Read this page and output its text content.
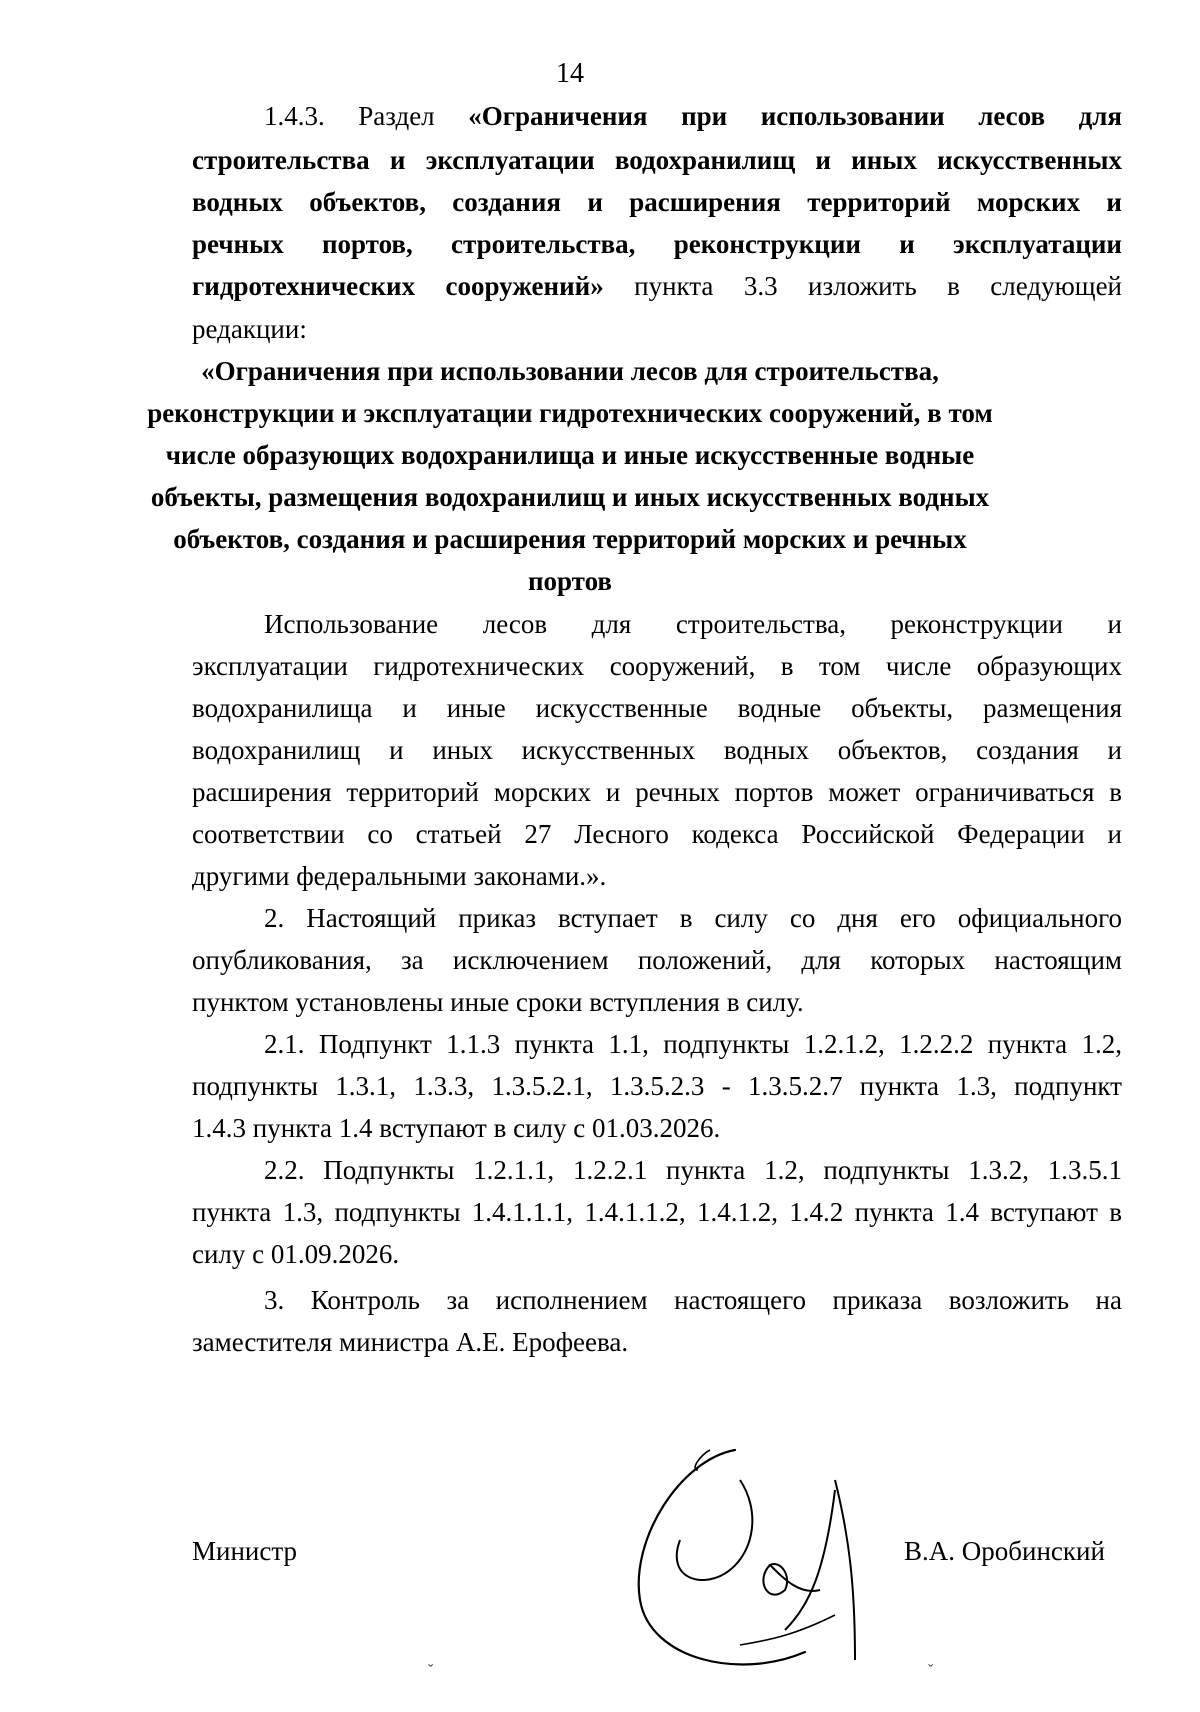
14
1.4.3. Раздел «Ограничения при использовании лесов для
строительства и эксплуатации водохранилищ и иных искусственных
водных объектов, создания и расширения территорий морских и
речных портов, строительства, реконструкции и эксплуатации
гидротехнических сооружений» пункта 3.3 изложить в следующей
редакции:
«Ограничения при использовании лесов для строительства,
реконструкции и эксплуатации гидротехнических сооружений, в том
числе образующих водохранилища и иные искусственные водные
объекты, размещения водохранилищ и иных искусственных водных
объектов, создания и расширения территорий морских и речных
портов
Использование лесов для строительства, реконструкции и
эксплуатации гидротехнических сооружений, в том числе образующих
водохранилища и иные искусственные водные объекты, размещения
водохранилищ и иных искусственных водных объектов, создания и
расширения территорий морских и речных портов может ограничиваться в
соответствии со статьей 27 Лесного кодекса Российской Федерации и
другими федеральными законами.».
2. Настоящий приказ вступает в силу со дня его официального
опубликования, за исключением положений, для которых настоящим
пунктом установлены иные сроки вступления в силу.
2.1. Подпункт 1.1.3 пункта 1.1, подпункты 1.2.1.2, 1.2.2.2 пункта 1.2,
подпункты 1.3.1, 1.3.3, 1.3.5.2.1, 1.3.5.2.3 - 1.3.5.2.7 пункта 1.3, подпункт
1.4.3 пункта 1.4 вступают в силу с 01.03.2026.
2.2. Подпункты 1.2.1.1, 1.2.2.1 пункта 1.2, подпункты 1.3.2, 1.3.5.1
пункта 1.3, подпункты 1.4.1.1.1, 1.4.1.1.2, 1.4.1.2, 1.4.2 пункта 1.4 вступают в
силу с 01.09.2026.
3. Контроль за исполнением настоящего приказа возложить на
заместителя министра А.Е. Ерофеева.
Министр	В.А. Оробинский
ˇ	ˇ
